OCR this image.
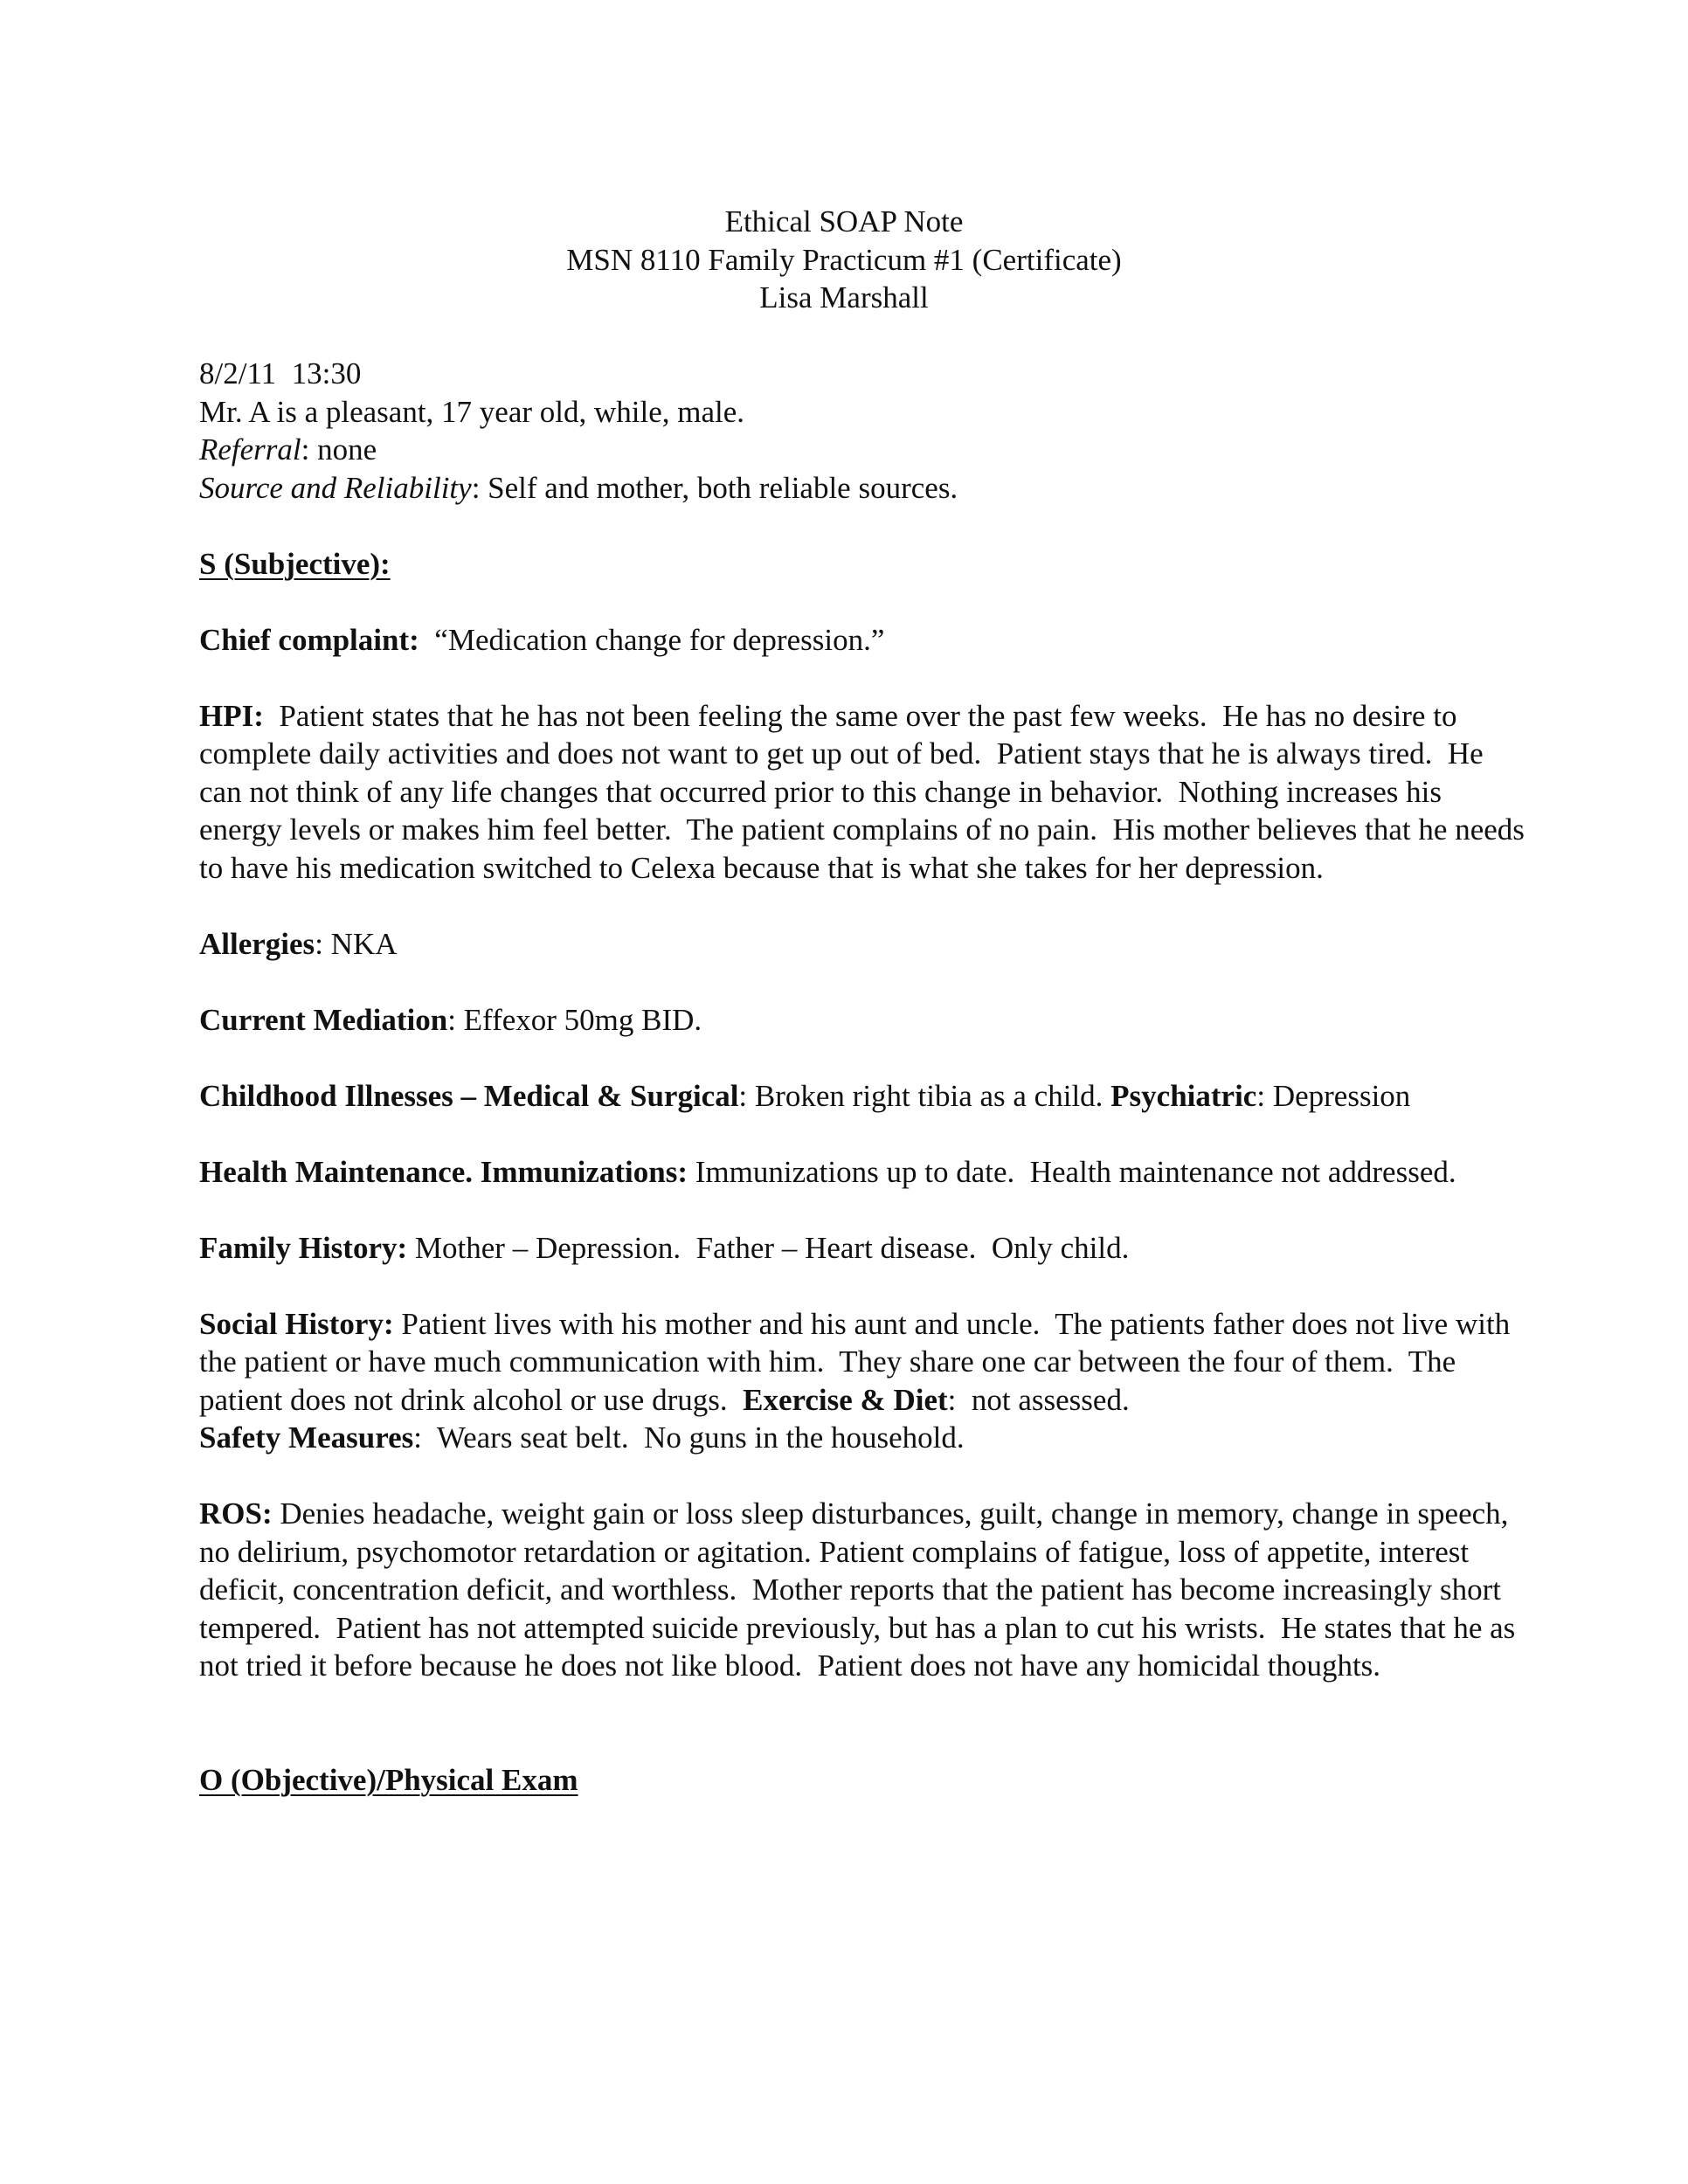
Ethical SOAP Note
MSN 8110 Family Practicum #1 (Certificate)
Lisa Marshall

8/2/11  13:30

Mr. A is a pleasant, 17 year old, while, male.

Referral: none

Source and Reliability: Self and mother, both reliable sources.

S (Subjective):

Chief complaint:  “Medication change for depression.”

HPI:  Patient states that he has not been feeling the same over the past few weeks.  He has no desire to complete daily activities and does not want to get up out of bed.  Patient stays that he is always tired.  He can not think of any life changes that occurred prior to this change in behavior.  Nothing increases his energy levels or makes him feel better.  The patient complains of no pain.  His mother believes that he needs to have his medication switched to Celexa because that is what she takes for her depression.

Allergies: NKA

Current Mediation: Effexor 50mg BID.

Childhood Illnesses – Medical & Surgical: Broken right tibia as a child. Psychiatric: Depression

Health Maintenance. Immunizations: Immunizations up to date.  Health maintenance not addressed.

Family History: Mother – Depression.  Father – Heart disease.  Only child.

Social History: Patient lives with his mother and his aunt and uncle.  The patients father does not live with the patient or have much communication with him.  They share one car between the four of them.  The patient does not drink alcohol or use drugs.  Exercise & Diet:  not assessed.
Safety Measures:  Wears seat belt.  No guns in the household.

ROS: Denies headache, weight gain or loss sleep disturbances, guilt, change in memory, change in speech, no delirium, psychomotor retardation or agitation. Patient complains of fatigue, loss of appetite, interest deficit, concentration deficit, and worthless.  Mother reports that the patient has become increasingly short tempered.  Patient has not attempted suicide previously, but has a plan to cut his wrists.  He states that he as not tried it before because he does not like blood.  Patient does not have any homicidal thoughts.

O (Objective)/Physical Exam
